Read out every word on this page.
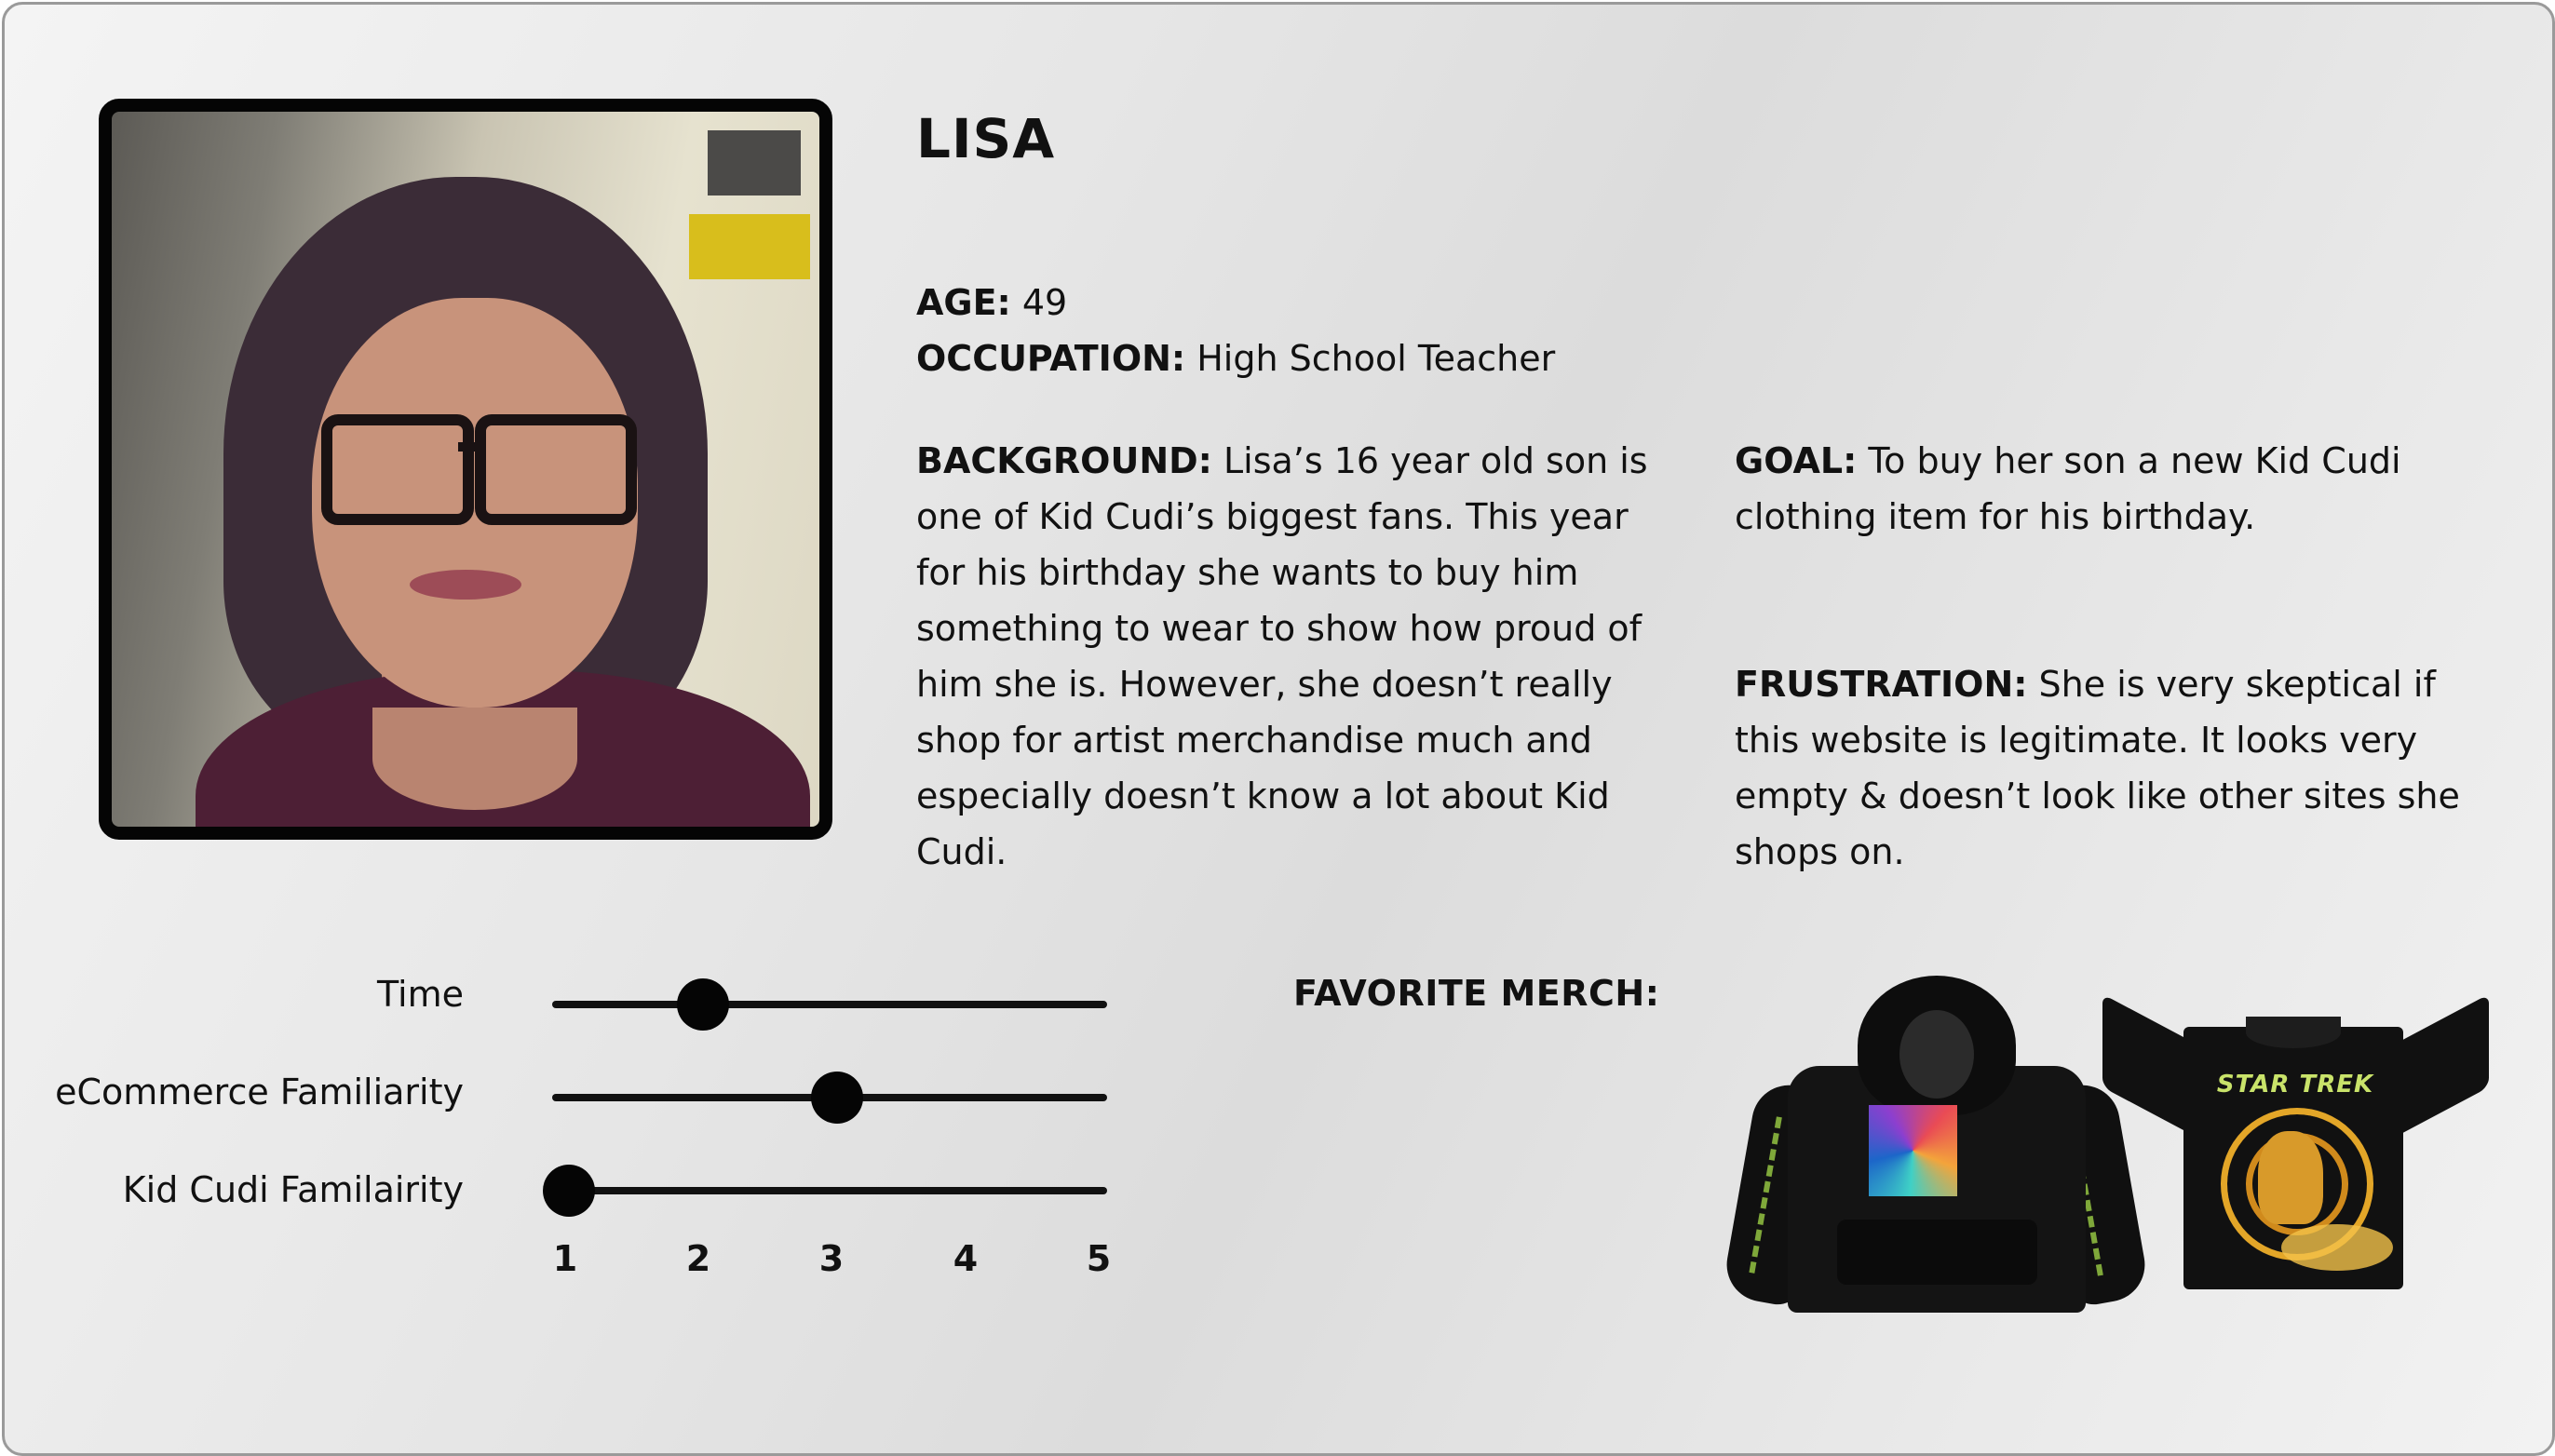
LISA

AGE: 49

OCCUPATION: High School Teacher

BACKGROUND: Lisa’s 16 year old son is one of Kid Cudi’s biggest fans. This year for his birthday she wants to buy him something to wear to show how proud of him she is. However, she doesn’t really shop for artist merchandise much and especially doesn’t know a lot about Kid Cudi.

GOAL: To buy her son a new Kid Cudi clothing item for his birthday.

FRUSTRATION: She is very skeptical if this website is legitimate. It looks very empty & doesn’t look like other sites she shops on.

Time
eCommerce Familiarity
Kid Cudi Familairity
1	2	3	4	5
FAVORITE MERCH:
STAR TREK
